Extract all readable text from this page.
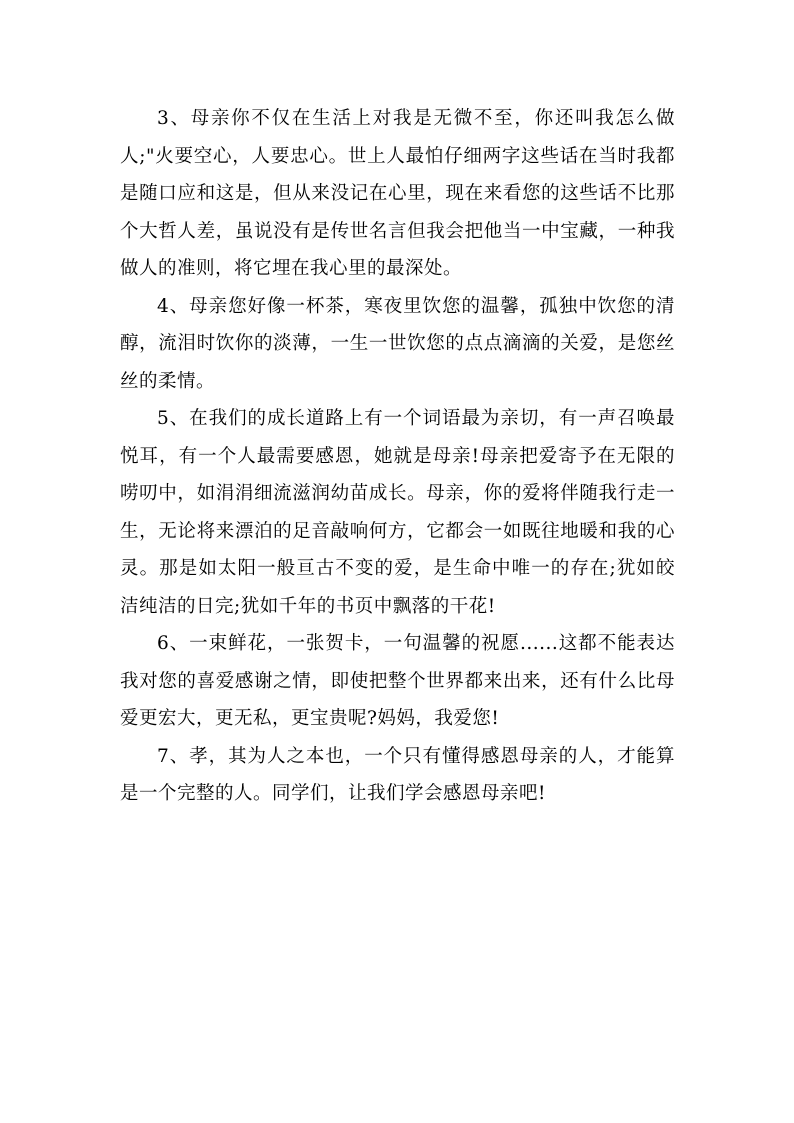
3、母亲你不仅在生活上对我是无微不至，你还叫我怎么做人;"火要空心，人要忠心。世上人最怕仔细两字这些话在当时我都是随口应和这是，但从来没记在心里，现在来看您的这些话不比那个大哲人差，虽说没有是传世名言但我会把他当一中宝藏，一种我做人的准则，将它埋在我心里的最深处。

4、母亲您好像一杯茶，寒夜里饮您的温馨，孤独中饮您的清醇，流泪时饮你的淡薄，一生一世饮您的点点滴滴的关爱，是您丝丝的柔情。

5、在我们的成长道路上有一个词语最为亲切，有一声召唤最悦耳，有一个人最需要感恩，她就是母亲!母亲把爱寄予在无限的唠叨中，如涓涓细流滋润幼苗成长。母亲，你的爱将伴随我行走一生，无论将来漂泊的足音敲响何方，它都会一如既往地暖和我的心灵。那是如太阳一般亘古不变的爱，是生命中唯一的存在;犹如皎洁纯洁的日完;犹如千年的书页中飘落的干花!

6、一束鲜花，一张贺卡，一句温馨的祝愿......这都不能表达我对您的喜爱感谢之情，即使把整个世界都来出来，还有什么比母爱更宏大，更无私，更宝贵呢?妈妈，我爱您!

7、孝，其为人之本也，一个只有懂得感恩母亲的人，才能算是一个完整的人。同学们，让我们学会感恩母亲吧!
